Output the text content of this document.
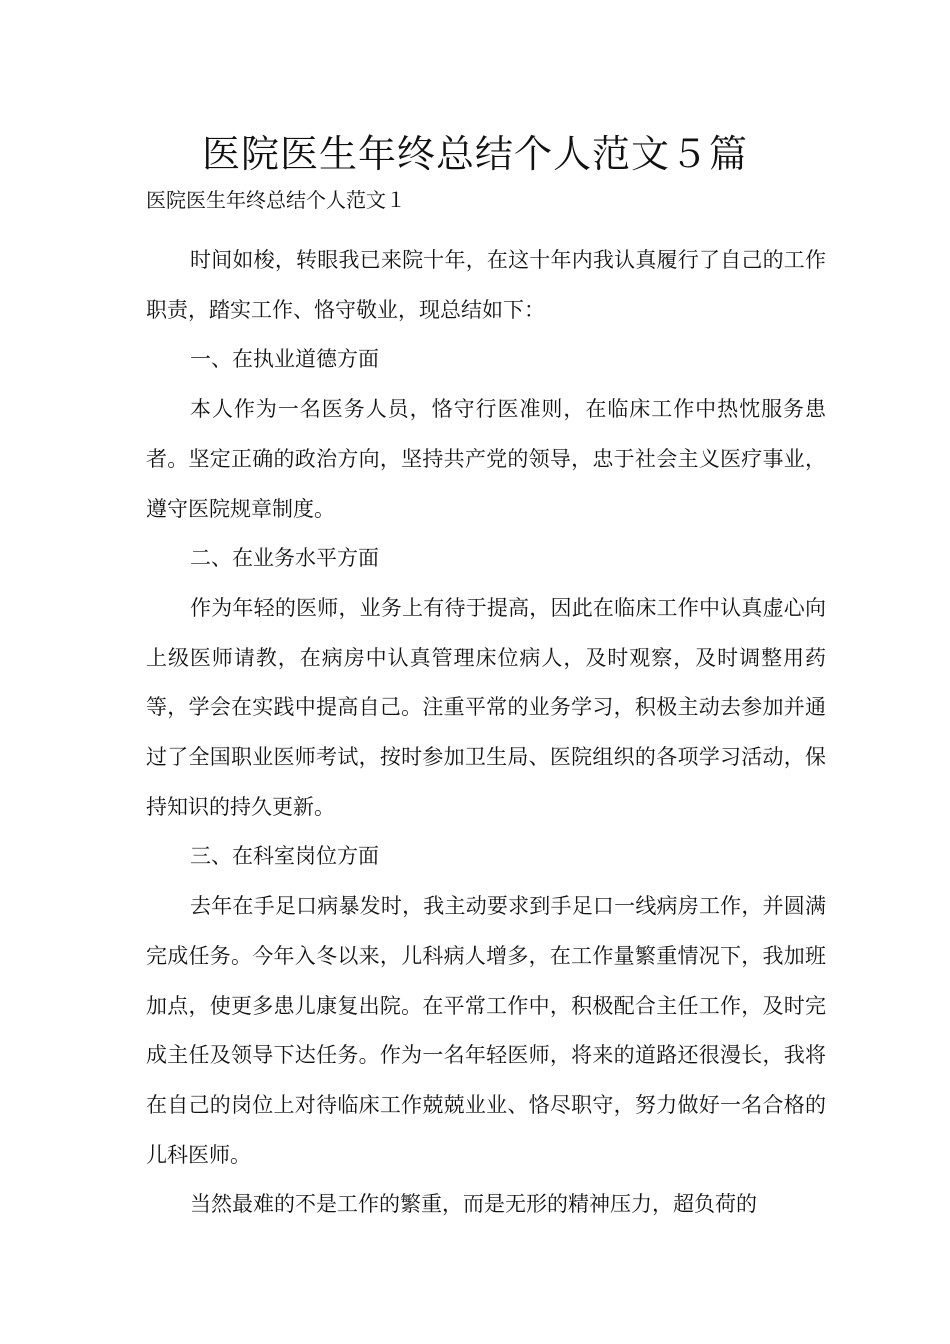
医院医生年终总结个人范文５篇

医院医生年终总结个人范文１

时间如梭，转眼我已来院十年，在这十年内我认真履行了自己的工作职责，踏实工作、恪守敬业，现总结如下：

一、在执业道德方面

本人作为一名医务人员，恪守行医准则，在临床工作中热忱服务患者。坚定正确的政治方向，坚持共产党的领导，忠于社会主义医疗事业，遵守医院规章制度。

二、在业务水平方面

作为年轻的医师，业务上有待于提高，因此在临床工作中认真虚心向上级医师请教，在病房中认真管理床位病人，及时观察，及时调整用药等，学会在实践中提高自己。注重平常的业务学习，积极主动去参加并通过了全国职业医师考试，按时参加卫生局、医院组织的各项学习活动，保持知识的持久更新。

三、在科室岗位方面

去年在手足口病暴发时，我主动要求到手足口一线病房工作，并圆满完成任务。今年入冬以来，儿科病人增多，在工作量繁重情况下，我加班加点，使更多患儿康复出院。在平常工作中，积极配合主任工作，及时完成主任及领导下达任务。作为一名年轻医师，将来的道路还很漫长，我将在自己的岗位上对待临床工作兢兢业业、恪尽职守，努力做好一名合格的儿科医师。

当然最难的不是工作的繁重，而是无形的精神压力，超负荷的
